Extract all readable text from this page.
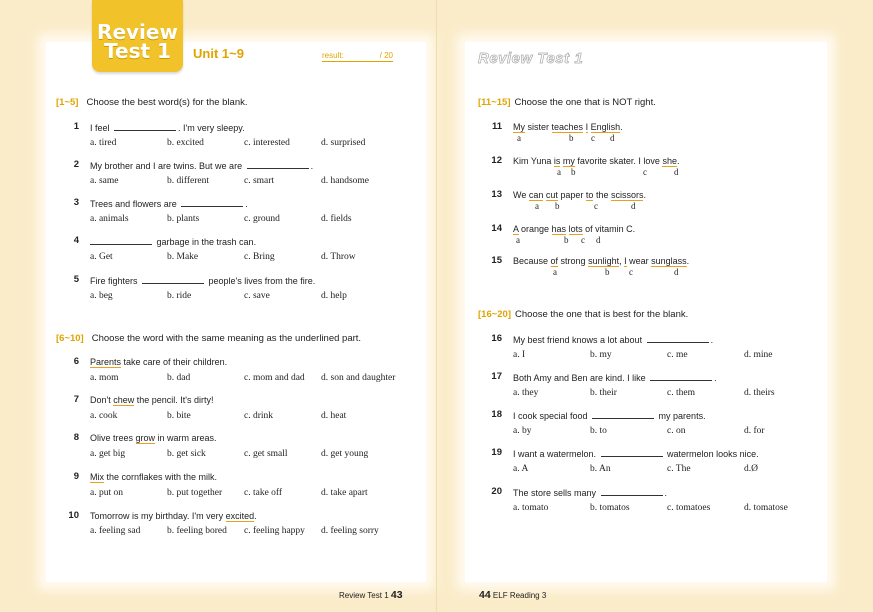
Review
Test 1	Unit 1~9	result:	/ 20	Review Test 1
[1~5] Choose the best word(s) for the blank.
1 I feel	. I'm very sleepy.
a. tired	b. excited	c. interested	d. surprised
2 My brother and I are twins. But we are	.
a. same	b. different	c. smart	d. handsome
3 Trees and flowers are	.
a. animals	b. plants	c. ground	d. fields
4	garbage in the trash can.
a. Get	b. Make	c. Bring	d. Throw
5 Fire fighters	people's lives from the fire.
a. beg	b. ride	c. save	d. help
[6~10] Choose the word with the same meaning as the underlined part.
6 Parents take care of their children.
a. mom	b. dad	c. mom and dad d. son and daughter
7 Don't chew the pencil. It's dirty!
a. cook	b. bite	c. drink	d. heat
8 Olive trees grow in warm areas.
a. get big	b. get sick	c. get small	d. get young
9 Mix the cornflakes with the milk.
a. put on	b. put together c. take off	d. take apart
10 Tomorrow is my birthday. I'm very excited.
a. feeling sad	b. feeling bored c. feeling happy d. feeling sorry
[11~15] Choose the one that is NOT right.
11 My sister teaches I English.
a	b c d
12 Kim Yuna is my favorite skater. I love she.
a b	c	d
13 We can cut paper to the scissors.
a b	c	d
14 A orange has lots of vitamin C.
a	b c d
15 Because of strong sunlight, I wear sunglass.
a	b c	d
[16~20] Choose the one that is best for the blank.
16 My best friend knows a lot about	.
a. I	b. my	c. me	d. mine
17 Both Amy and Ben are kind. I like	.
a. they	b. their	c. them	d. theirs
18 I cook special food	my parents.
a. by	b. to	c. on	d. for
19 I want a watermelon.	watermelon looks nice.
a. A	b. An	c. The	d.Ø
20 The store sells many	.
a. tomato	b. tomatos	c. tomatoes	d. tomatose
Review Test 1 43	44 ELF Reading 3
